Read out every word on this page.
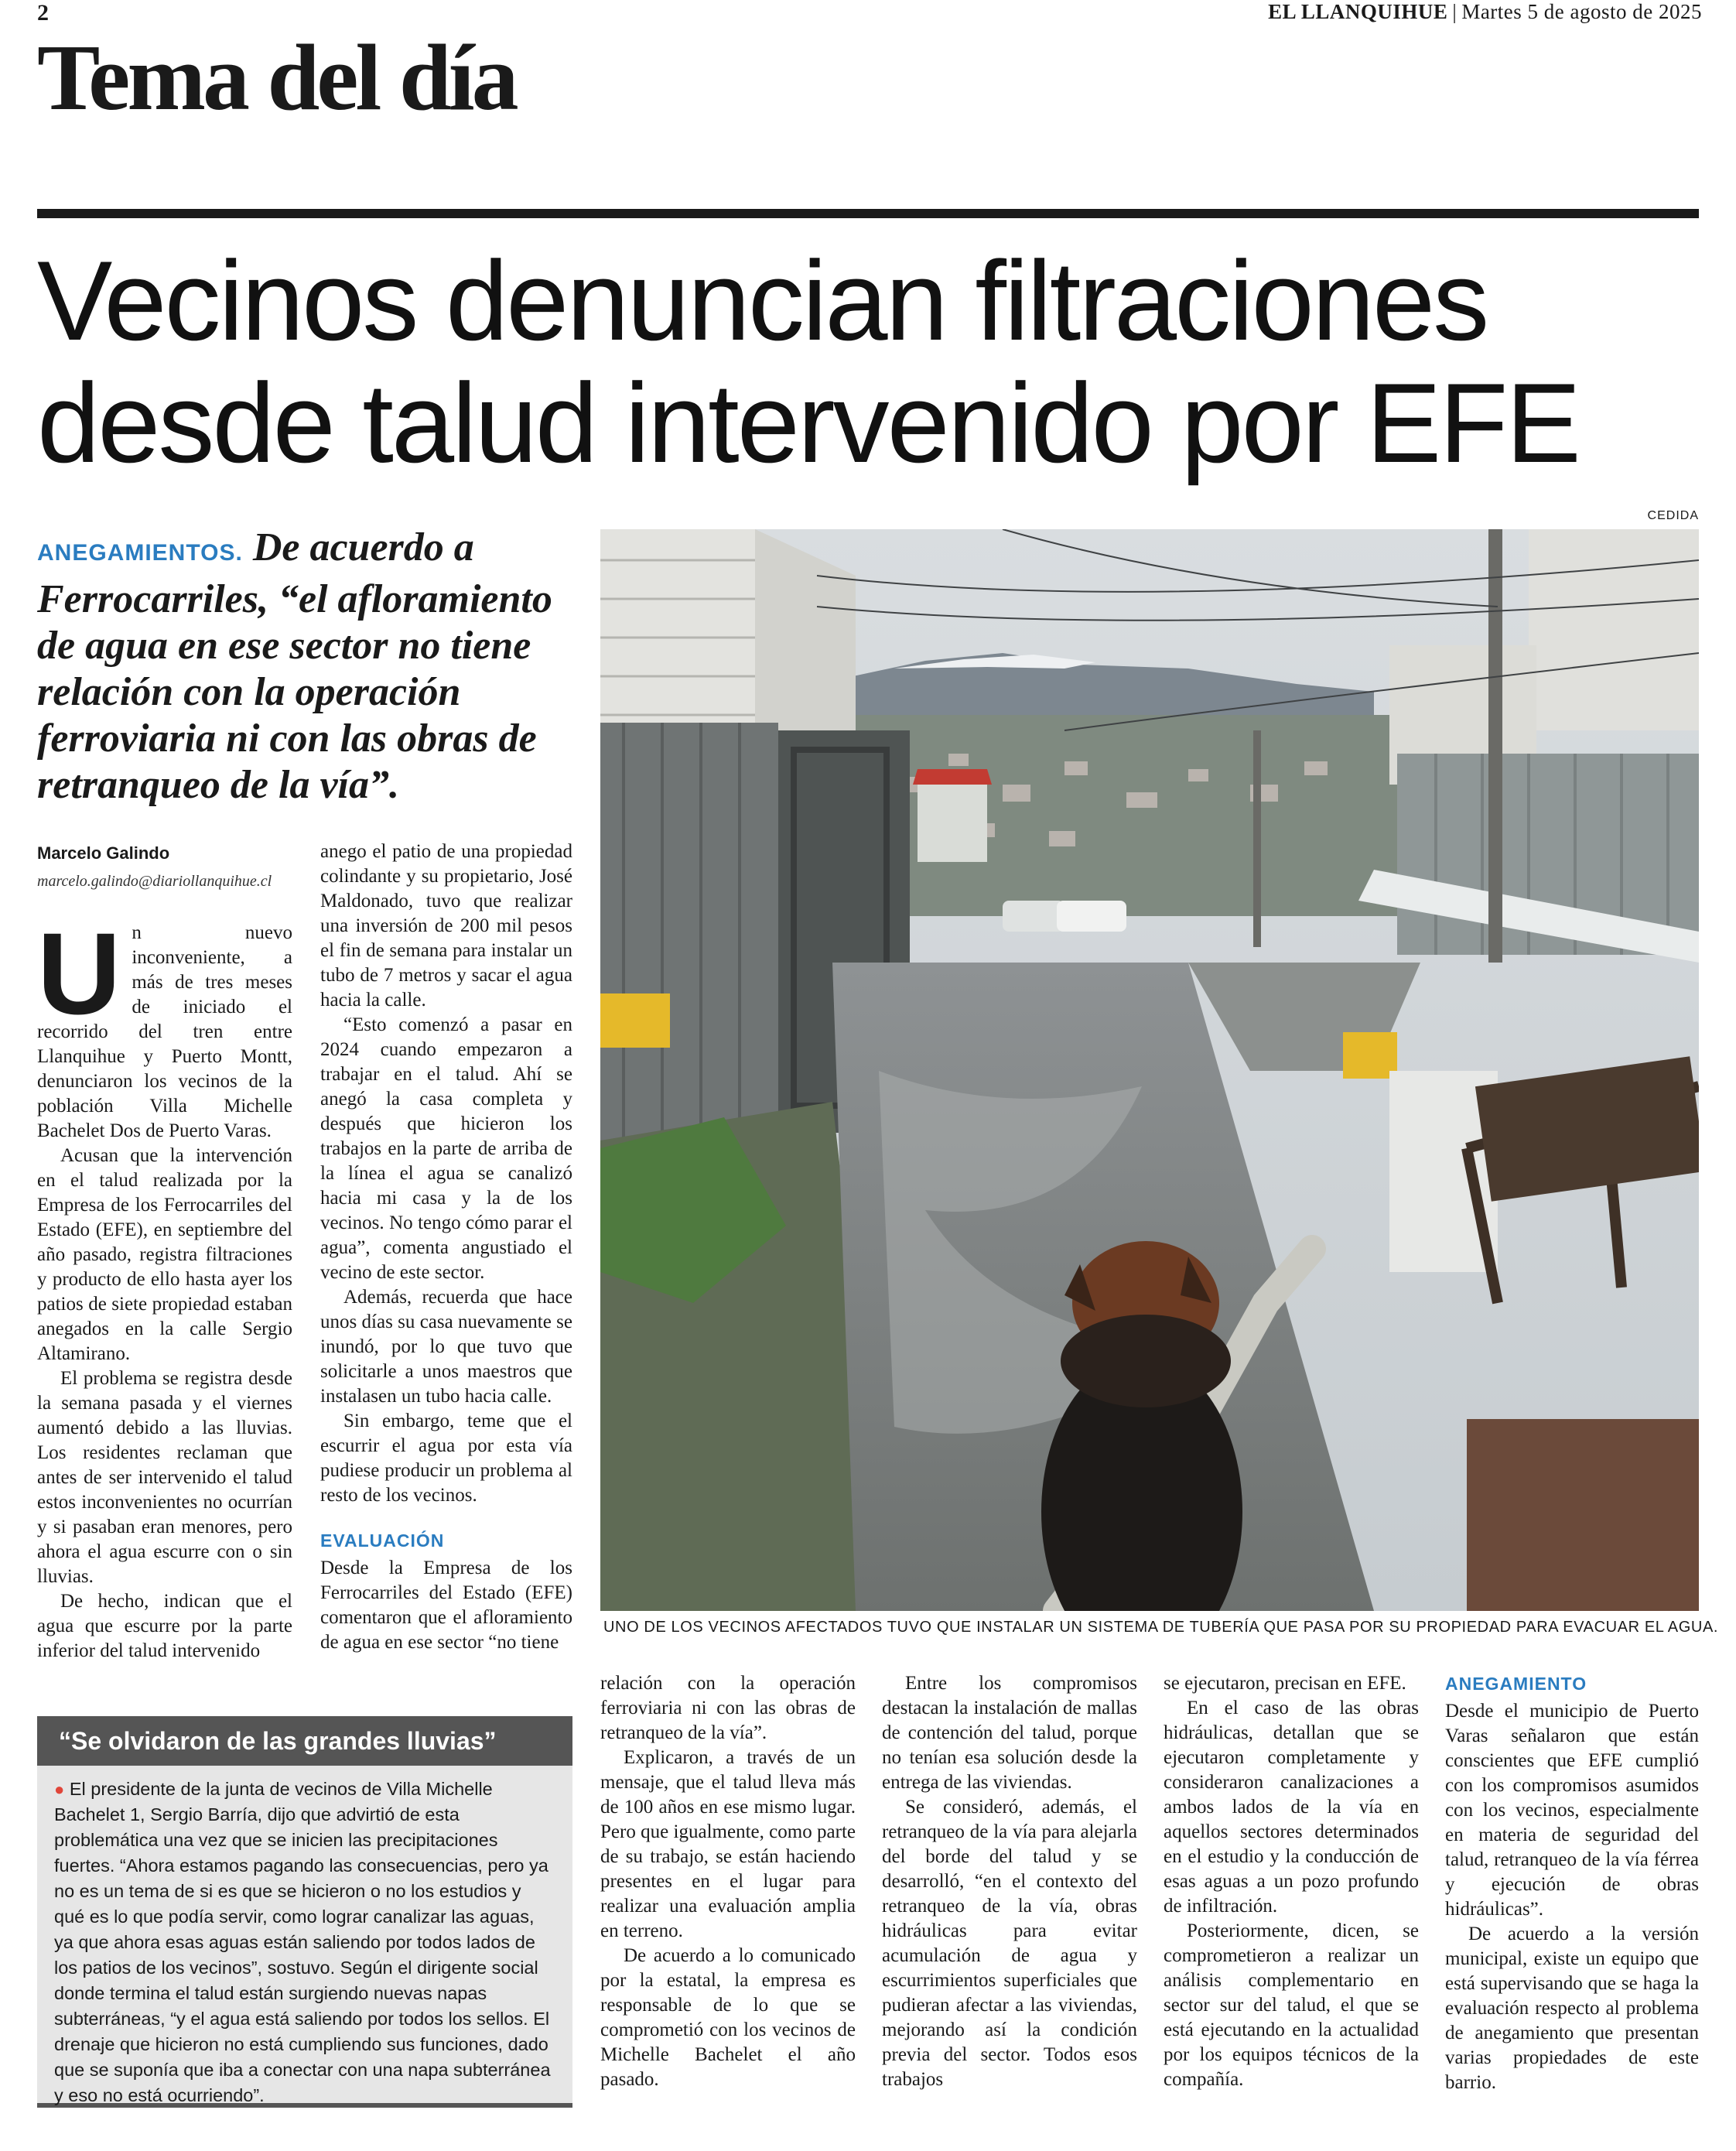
2	EL LLANQUIHUE | Martes 5 de agosto de 2025
Tema del día
Vecinos denuncian filtraciones
desde talud intervenido por EFE
ANEGAMIENTOS. De acuerdo a Ferrocarriles, “el afloramiento de agua en ese sector no tiene relación con la operación ferroviaria ni con las obras de retranqueo de la vía”.
Marcelo Galindo
marcelo.galindo@diariollanquihue.cl
U n nuevo inconveniente, a más de tres meses de iniciado el recorrido del tren entre Llanquihue y Puerto Montt, denunciaron los vecinos de la población Villa Michelle Bachelet Dos de Puerto Varas.

Acusan que la intervención en el talud realizada por la Empresa de los Ferrocarriles del Estado (EFE), en septiembre del año pasado, registra filtraciones y producto de ello hasta ayer los patios de siete propiedad estaban anegados en la calle Sergio Altamirano.

El problema se registra desde la semana pasada y el viernes aumentó debido a las lluvias. Los residentes reclaman que antes de ser intervenido el talud estos inconvenientes no ocurrían y si pasaban eran menores, pero ahora el agua escurre con o sin lluvias.

De hecho, indican que el agua que escurre por la parte inferior del talud intervenido

anego el patio de una propiedad colindante y su propietario, José Maldonado, tuvo que realizar una inversión de 200 mil pesos el fin de semana para instalar un tubo de 7 metros y sacar el agua hacia la calle.

“Esto comenzó a pasar en 2024 cuando empezaron a trabajar en el talud. Ahí se anegó la casa completa y después que hicieron los trabajos en la parte de arriba de la línea el agua se canalizó hacia mi casa y la de los vecinos. No tengo cómo parar el agua”, comenta angustiado el vecino de este sector.

Además, recuerda que hace unos días su casa nuevamente se inundó, por lo que tuvo que solicitarle a unos maestros que instalasen un tubo hacia calle.

Sin embargo, teme que el escurrir el agua por esta vía pudiese producir un problema al resto de los vecinos.

EVALUACIÓN

Desde la Empresa de los Ferrocarriles del Estado (EFE) comentaron que el afloramiento de agua en ese sector “no tiene

CEDIDA
UNO DE LOS VECINOS AFECTADOS TUVO QUE INSTALAR UN SISTEMA DE TUBERÍA QUE PASA POR SU PROPIEDAD PARA EVACUAR EL AGUA.
“Se olvidaron de las grandes lluvias”
● El presidente de la junta de vecinos de Villa Michelle Bachelet 1, Sergio Barría, dijo que advirtió de esta problemática una vez que se inicien las precipitaciones fuertes. “Ahora estamos pagando las consecuencias, pero ya no es un tema de si es que se hicieron o no los estudios y qué es lo que podía servir, como lograr canalizar las aguas, ya que ahora esas aguas están saliendo por todos lados de los patios de los vecinos”, sostuvo. Según el dirigente social donde termina el talud están surgiendo nuevas napas subterráneas, “y el agua está saliendo por todos los sellos. El drenaje que hicieron no está cumpliendo sus funciones, dado que se suponía que iba a conectar con una napa subterránea y eso no está ocurriendo”.

relación con la operación ferroviaria ni con las obras de retranqueo de la vía”.

Explicaron, a través de un mensaje, que el talud lleva más de 100 años en ese mismo lugar. Pero que igualmente, como parte de su trabajo, se están haciendo presentes en el lugar para realizar una evaluación amplia en terreno.

De acuerdo a lo comunicado por la estatal, la empresa es responsable de lo que se comprometió con los vecinos de Michelle Bachelet el año pasado.

Entre los compromisos destacan la instalación de mallas de contención del talud, porque no tenían esa solución desde la entrega de las viviendas.

Se consideró, además, el retranqueo de la vía para alejarla del borde del talud y se desarrolló, “en el contexto del retranqueo de la vía, obras hidráulicas para evitar acumulación de agua y escurrimientos superficiales que pudieran afectar a las viviendas, mejorando así la condición previa del sector. Todos esos trabajos

se ejecutaron, precisan en EFE.

En el caso de las obras hidráulicas, detallan que se ejecutaron completamente y consideraron canalizaciones a ambos lados de la vía en aquellos sectores determinados en el estudio y la conducción de esas aguas a un pozo profundo de infiltración.

Posteriormente, dicen, se comprometieron a realizar un análisis complementario en sector sur del talud, el que se está ejecutando en la actualidad por los equipos técnicos de la compañía.

ANEGAMIENTO

Desde el municipio de Puerto Varas señalaron que están conscientes que EFE cumplió con los compromisos asumidos con los vecinos, especialmente en materia de seguridad del talud, retranqueo de la vía férrea y ejecución de obras hidráulicas”.

De acuerdo a la versión municipal, existe un equipo que está supervisando que se haga la evaluación respecto al problema de anegamiento que presentan varias propiedades de este barrio.
